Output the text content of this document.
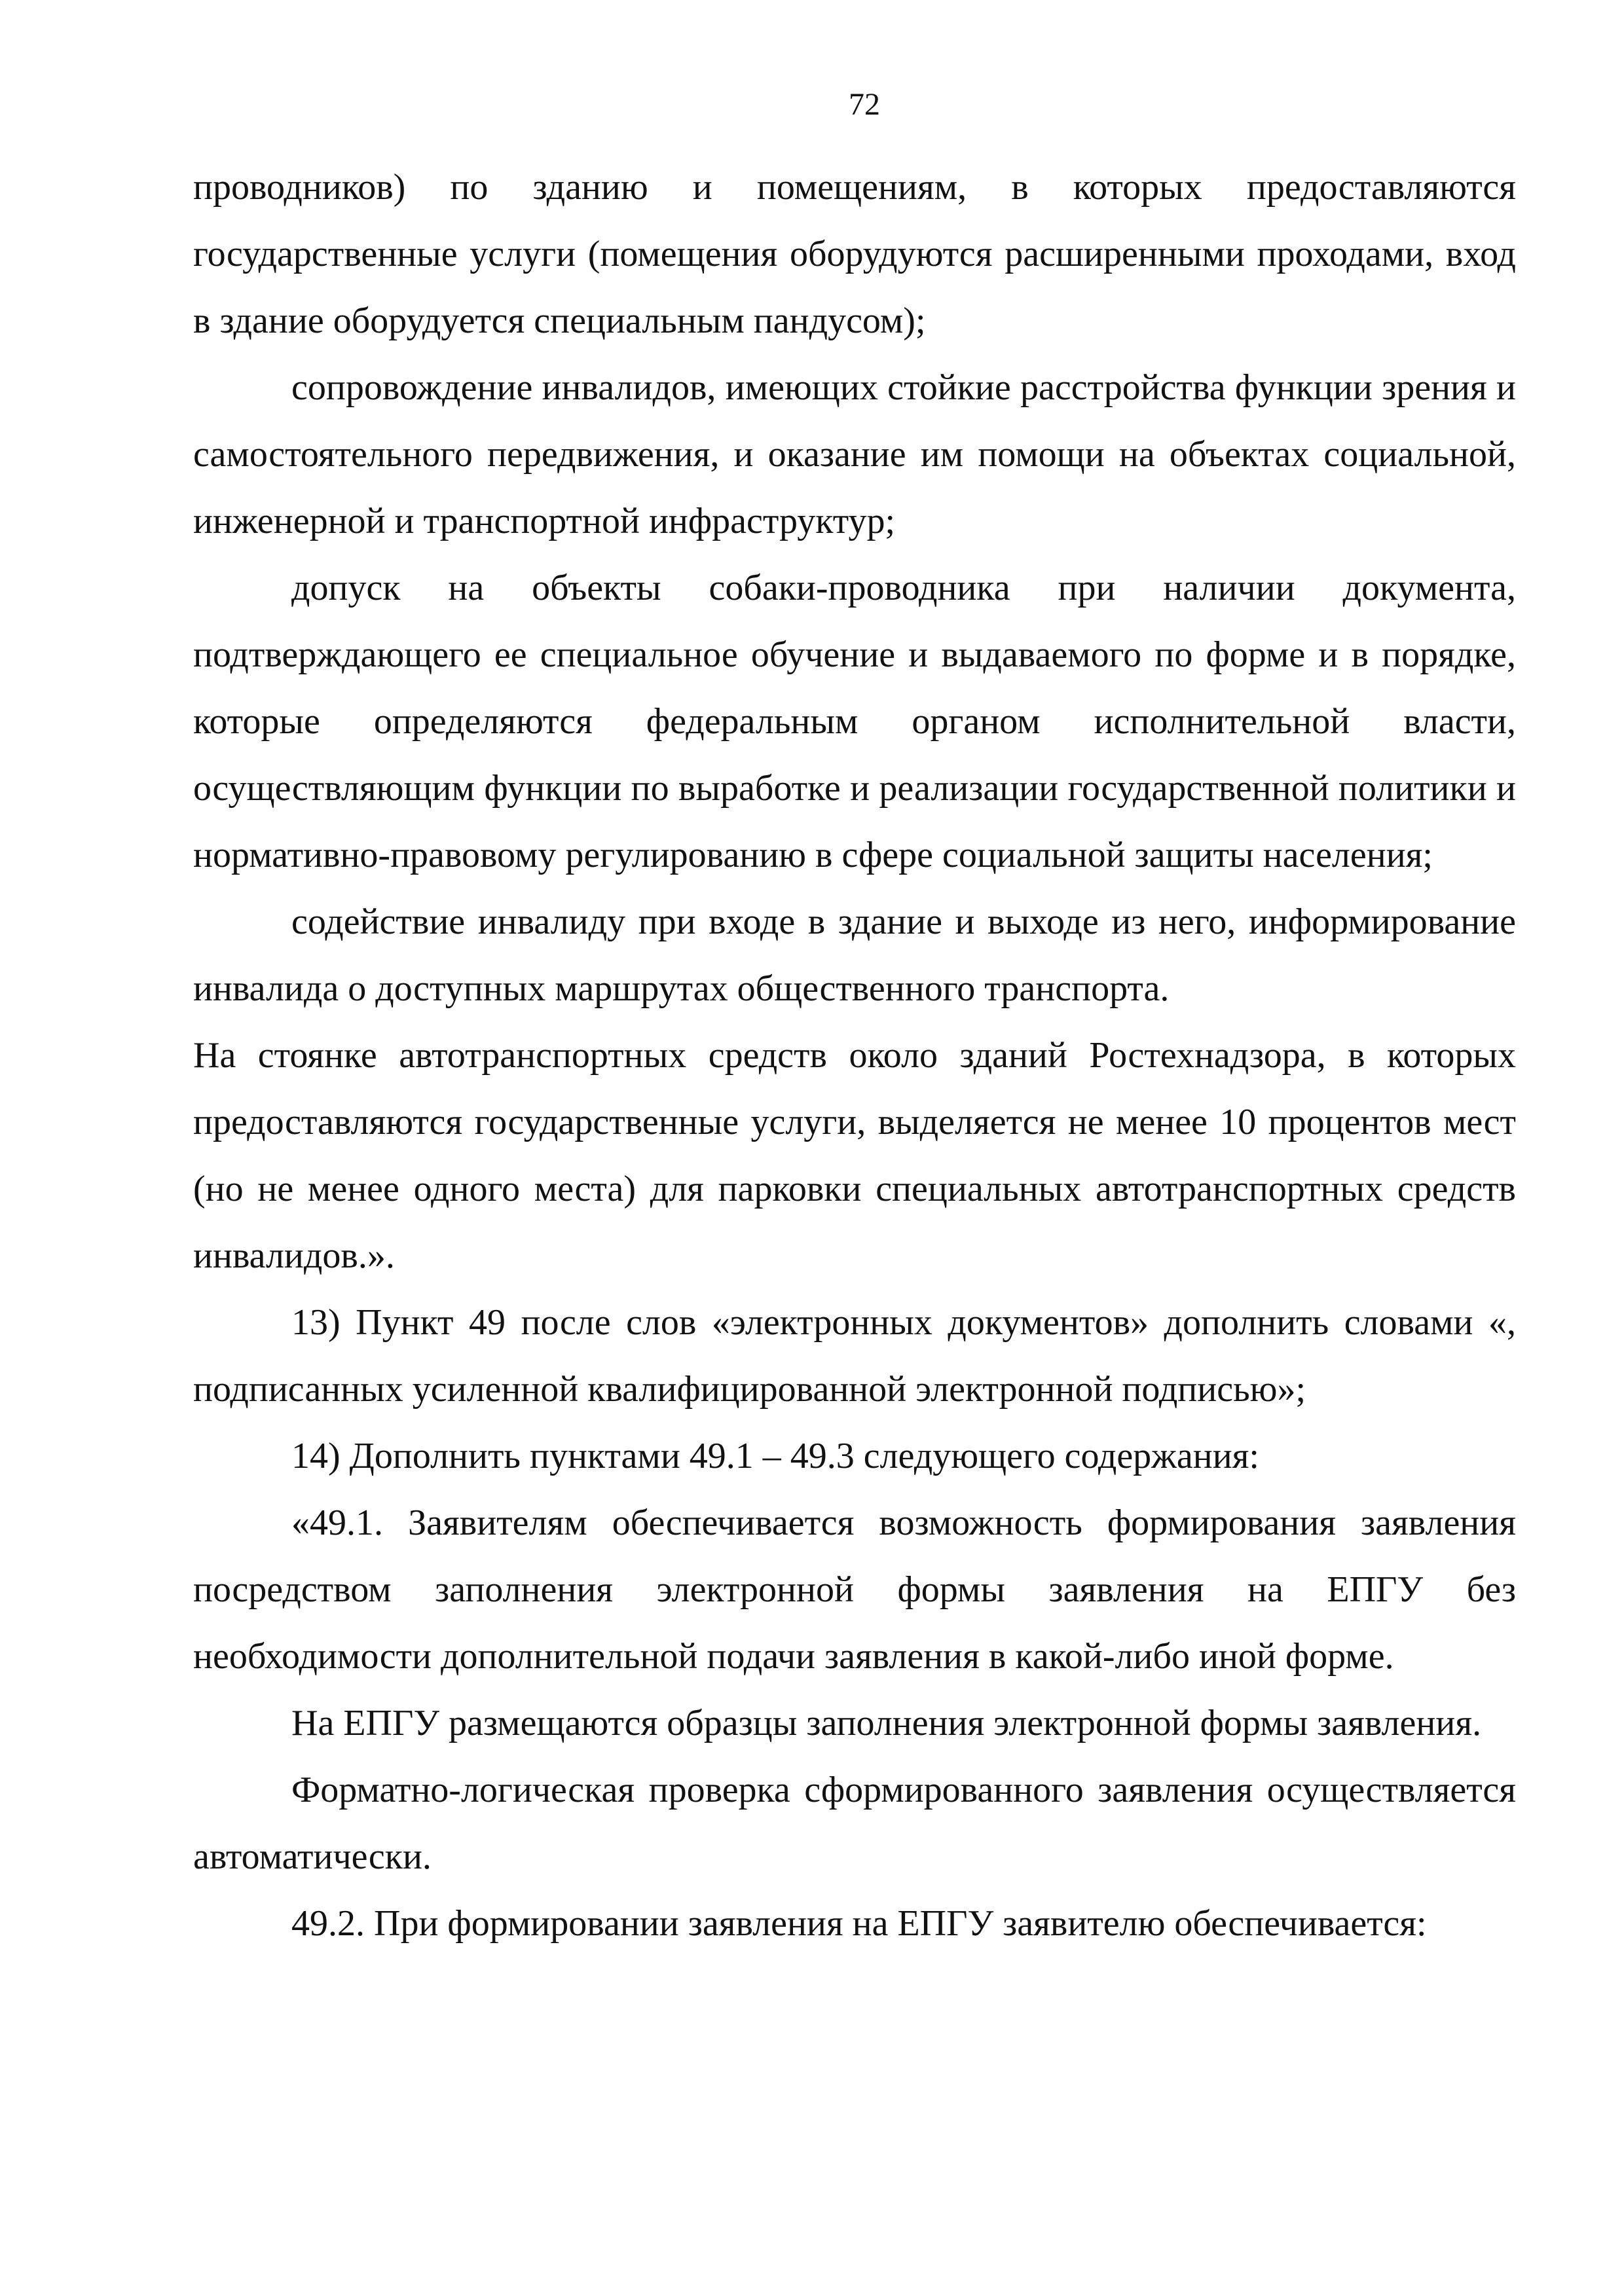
72

проводников) по зданию и помещениям, в которых предоставляются государственные услуги (помещения оборудуются расширенными проходами, вход в здание оборудуется специальным пандусом);

сопровождение инвалидов, имеющих стойкие расстройства функции зрения и самостоятельного передвижения, и оказание им помощи на объектах социальной, инженерной и транспортной инфраструктур;

допуск на объекты собаки-проводника при наличии документа, подтверждающего ее специальное обучение и выдаваемого по форме и в порядке, которые определяются федеральным органом исполнительной власти, осуществляющим функции по выработке и реализации государственной политики и нормативно-правовому регулированию в сфере социальной защиты населения;

содействие инвалиду при входе в здание и выходе из него, информирование инвалида о доступных маршрутах общественного транспорта.

На стоянке автотранспортных средств около зданий Ростехнадзора, в которых предоставляются государственные услуги, выделяется не менее 10 процентов мест (но не менее одного места) для парковки специальных автотранспортных средств инвалидов.».

13) Пункт 49 после слов «электронных документов» дополнить словами «, подписанных усиленной квалифицированной электронной подписью»;

14) Дополнить пунктами 49.1 – 49.3 следующего содержания:

«49.1. Заявителям обеспечивается возможность формирования заявления посредством заполнения электронной формы заявления на ЕПГУ без необходимости дополнительной подачи заявления в какой-либо иной форме.

На ЕПГУ размещаются образцы заполнения электронной формы заявления.

Форматно-логическая проверка сформированного заявления осуществляется автоматически.

49.2. При формировании заявления на ЕПГУ заявителю обеспечивается:
